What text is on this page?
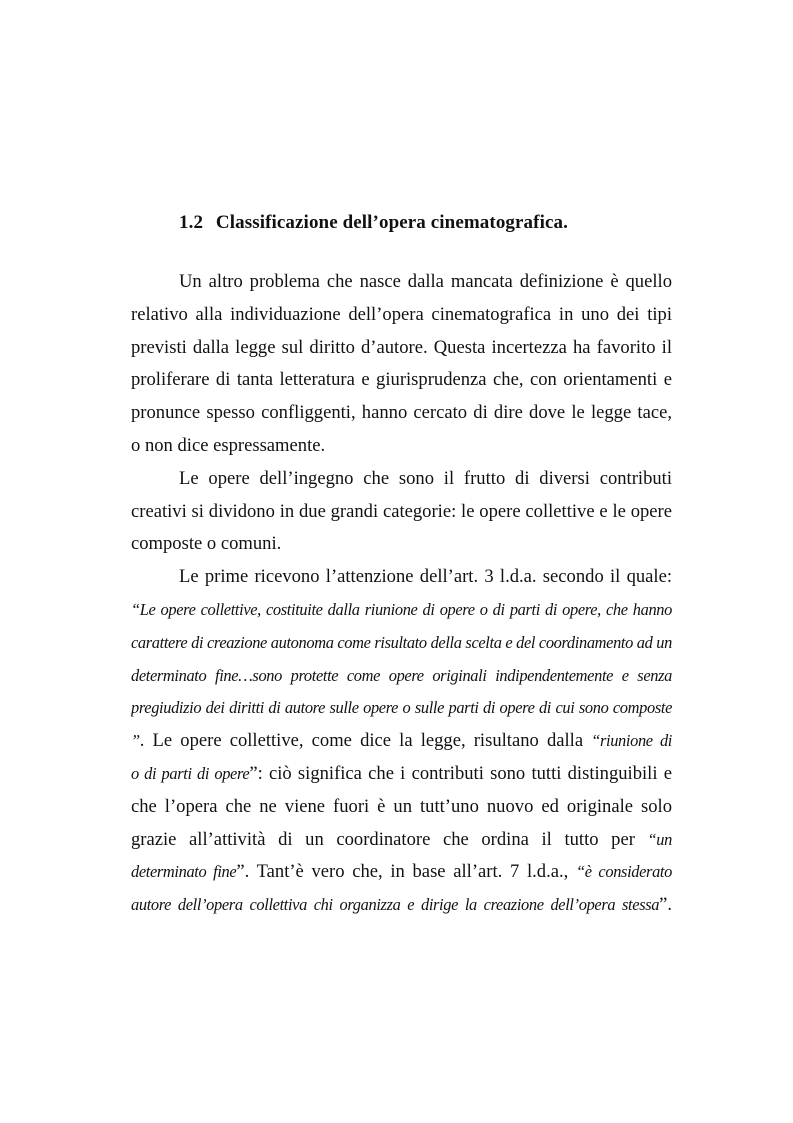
1.2 Classificazione dell’opera cinematografica.
Un altro problema che nasce dalla mancata definizione è quello
relativo alla individuazione dell’opera cinematografica in uno dei tipi
previsti dalla legge sul diritto d’autore. Questa incertezza ha favorito il
proliferare di tanta letteratura e giurisprudenza che, con orientamenti e
pronunce spesso confliggenti, hanno cercato di dire dove le legge tace,
o non dice espressamente.
Le opere dell’ingegno che sono il frutto di diversi contributi
creativi si dividono in due grandi categorie: le opere collettive e le opere
composte o comuni.
Le prime ricevono l’attenzione dell’art. 3 l.d.a. secondo il quale:
“Le opere collettive, costituite dalla riunione di opere o di parti di opere, che hanno
carattere di creazione autonoma come risultato della scelta e del coordinamento ad un
determinato fine…sono protette come opere originali indipendentemente e senza
pregiudizio dei diritti di autore sulle opere o sulle parti di opere di cui sono composte
”. Le opere collettive, come dice la legge, risultano dalla “riunione di
o di parti di opere”: ciò significa che i contributi sono tutti distinguibili e
che l’opera che ne viene fuori è un tutt’uno nuovo ed originale solo
grazie all’attività di un coordinatore che ordina il tutto per “un
determinato fine”. Tant’è vero che, in base all’art. 7 l.d.a., “è considerato
autore dell’opera collettiva chi organizza e dirige la creazione dell’opera stessa”.
